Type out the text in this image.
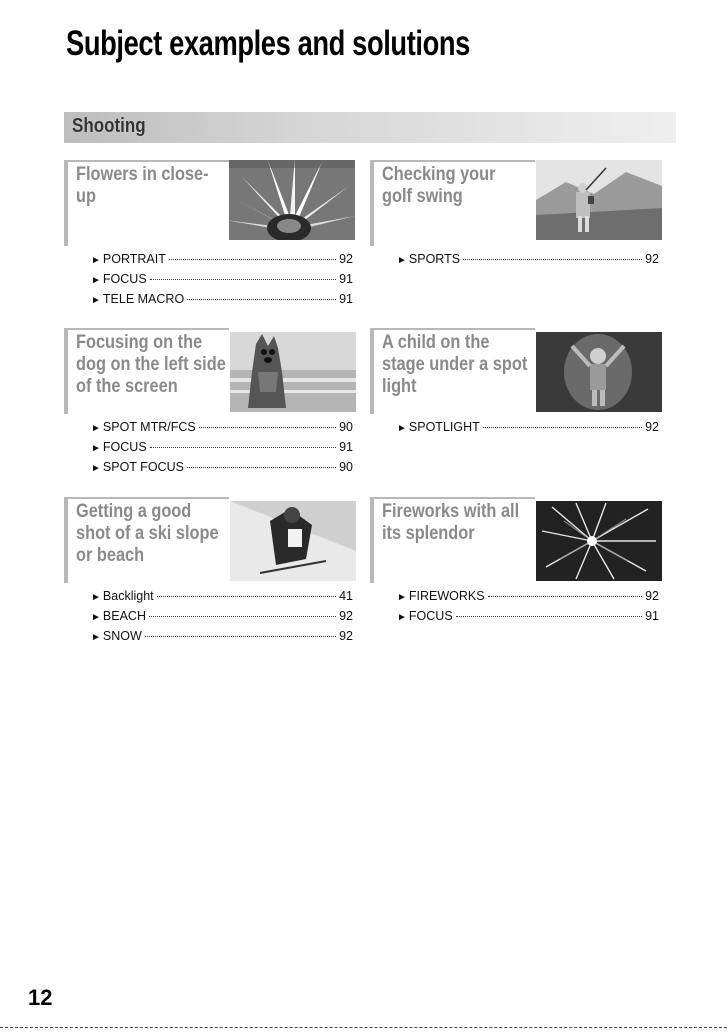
Subject examples and solutions
Shooting
Flowers in close-up
► PORTRAIT	92
► FOCUS	91
► TELE MACRO	91
Checking your golf swing
► SPORTS	92
Focusing on the dog on the left side of the screen
► SPOT MTR/FCS	90
► FOCUS	91
► SPOT FOCUS	90
A child on the stage under a spot light
► SPOTLIGHT	92
Getting a good shot of a ski slope or beach
► Backlight	41
► BEACH	92
► SNOW	92
Fireworks with all its splendor
► FIREWORKS	92
► FOCUS	91
12
